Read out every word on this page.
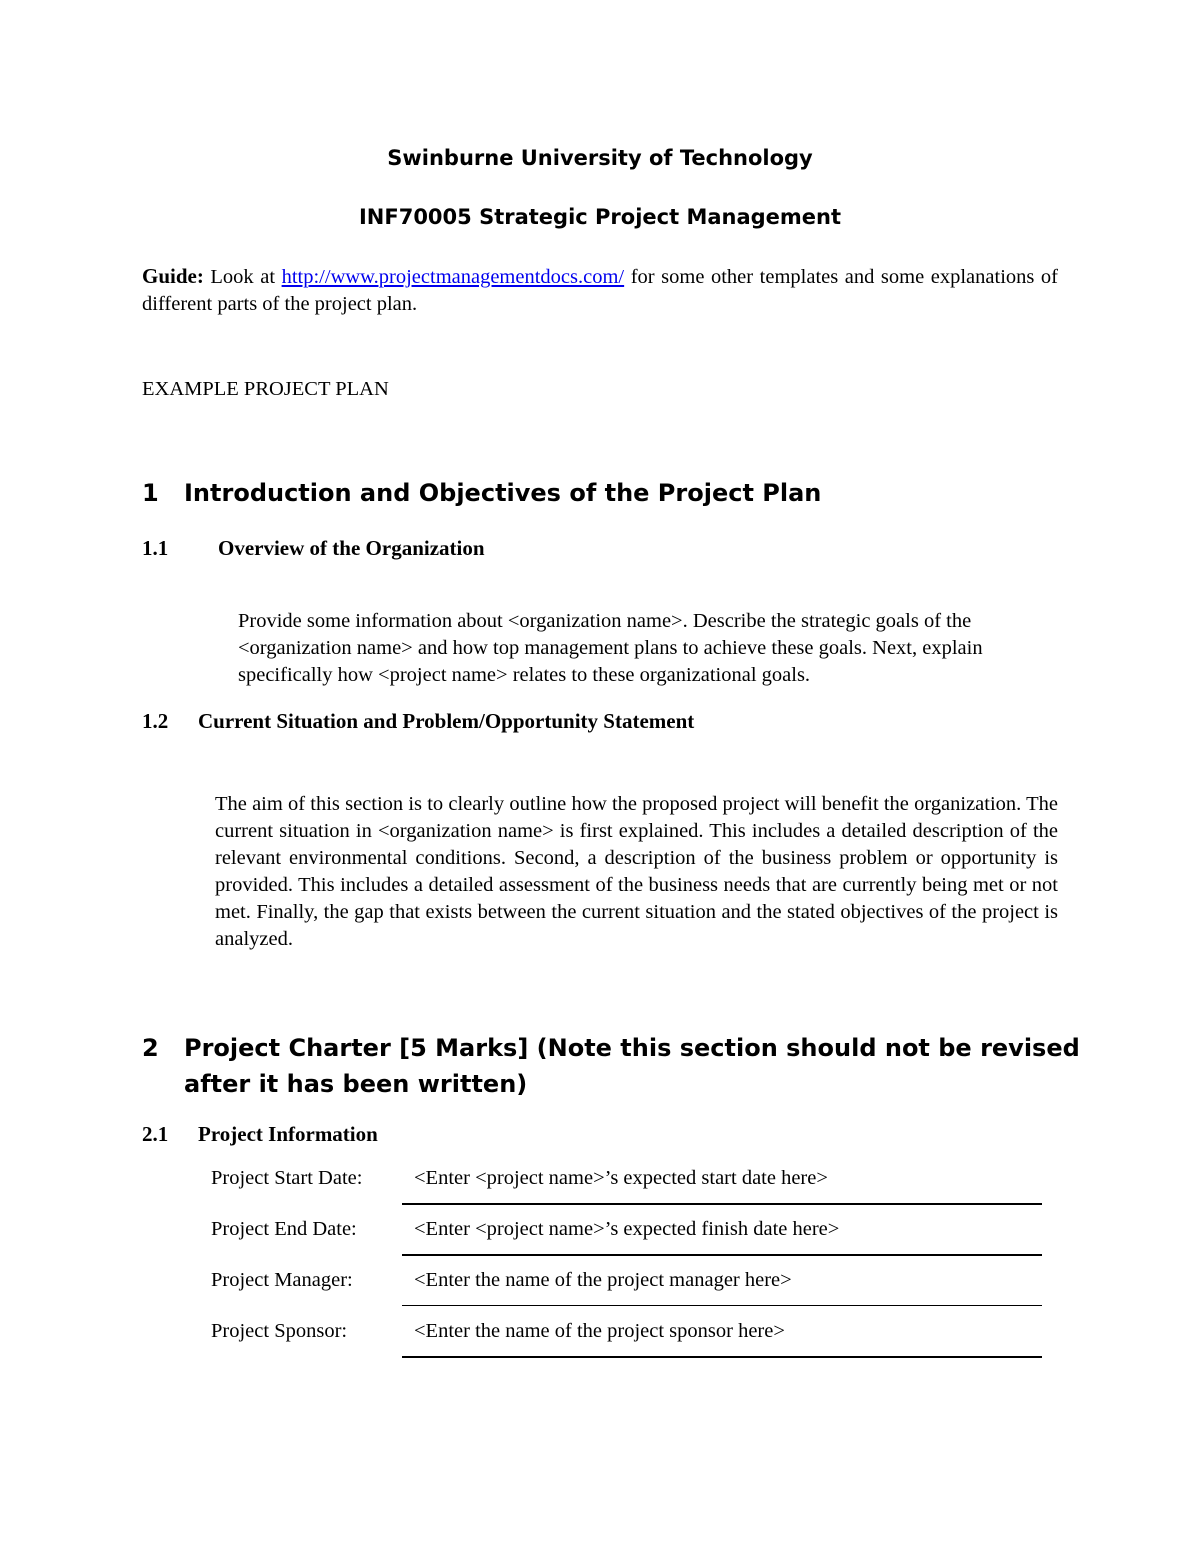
Swinburne University of Technology
INF70005 Strategic Project Management
Guide: Look at http://www.projectmanagementdocs.com/ for some other templates and some explanations of different parts of the project plan.
EXAMPLE PROJECT PLAN
1 Introduction and Objectives of the Project Plan
1.1 Overview of the Organization
Provide some information about <organization name>. Describe the strategic goals of the <organization name> and how top management plans to achieve these goals. Next, explain specifically how <project name> relates to these organizational goals.
1.2 Current Situation and Problem/Opportunity Statement
The aim of this section is to clearly outline how the proposed project will benefit the organization. The current situation in <organization name> is first explained. This includes a detailed description of the relevant environmental conditions. Second, a description of the business problem or opportunity is provided. This includes a detailed assessment of the business needs that are currently being met or not met. Finally, the gap that exists between the current situation and the stated objectives of the project is analyzed.
2 Project Charter [5 Marks] (Note this section should not be revised
after it has been written)
2.1 Project Information
Project Start Date:	<Enter <project name>’s expected start date here>
Project End Date:	<Enter <project name>’s expected finish date here>
Project Manager:	<Enter the name of the project manager here>
Project Sponsor:	<Enter the name of the project sponsor here>
